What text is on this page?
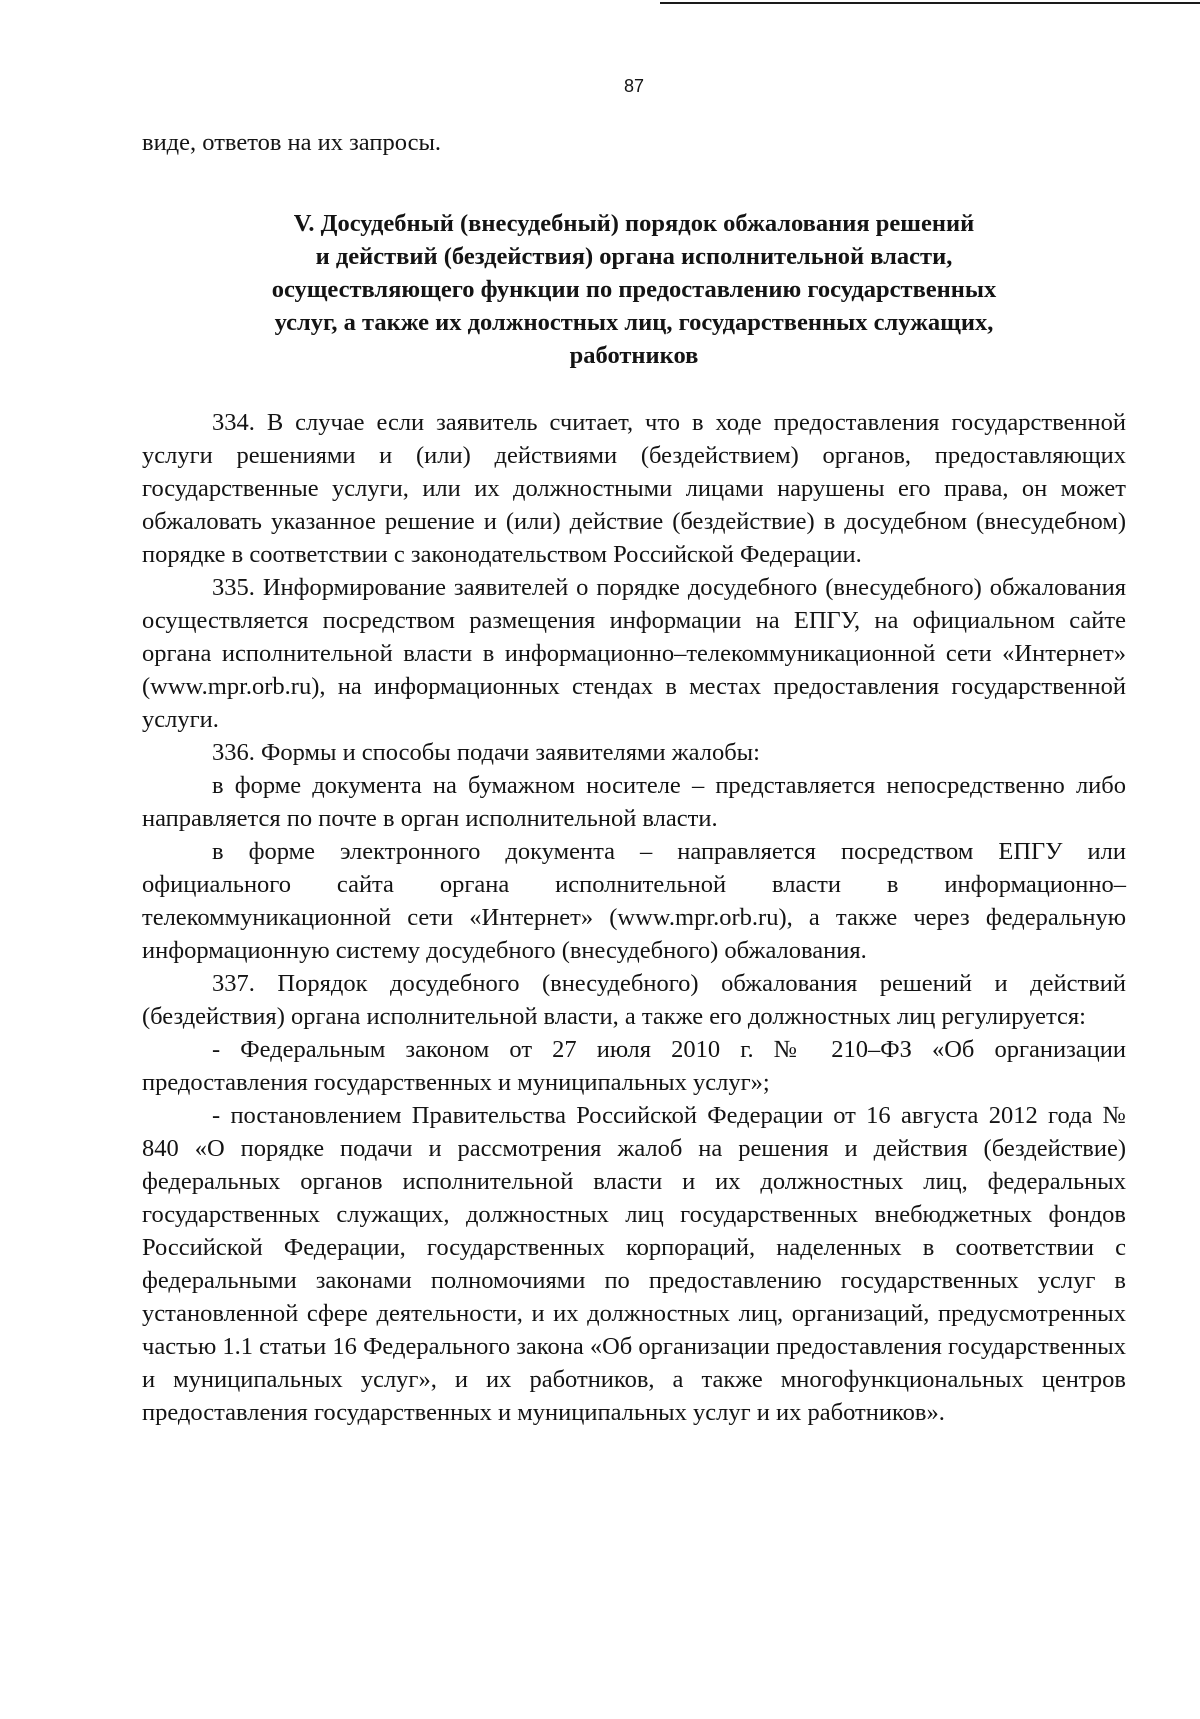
87

виде, ответов на их запросы.

V. Досудебный (внесудебный) порядок обжалования решений
и действий (бездействия) органа исполнительной власти,
осуществляющего функции по предоставлению государственных
услуг, а также их должностных лиц, государственных служащих,
работников

334. В случае если заявитель считает, что в ходе предоставления государственной услуги решениями и (или) действиями (бездействием) органов, предоставляющих государственные услуги, или их должностными лицами нарушены его права, он может обжаловать указанное решение и (или) действие (бездействие) в досудебном (внесудебном) порядке в соответствии с законодательством Российской Федерации.

335. Информирование заявителей о порядке досудебного (внесудебного) обжалования осуществляется посредством размещения информации на ЕПГУ, на официальном сайте органа исполнительной власти в информационно–телекоммуникационной сети «Интернет» (www.mpr.orb.ru), на информационных стендах в местах предоставления государственной услуги.

336. Формы и способы подачи заявителями жалобы:

в форме документа на бумажном носителе – представляется непосредственно либо направляется по почте в орган исполнительной власти.

в форме электронного документа – направляется посредством ЕПГУ или официального сайта органа исполнительной власти в информационно–телекоммуникационной сети «Интернет» (www.mpr.orb.ru), а также через федеральную информационную систему досудебного (внесудебного) обжалования.

337. Порядок досудебного (внесудебного) обжалования решений и действий (бездействия) органа исполнительной власти, а также его должностных лиц регулируется:

- Федеральным законом от 27 июля 2010 г. № 210–ФЗ «Об организации предоставления государственных и муниципальных услуг»;

- постановлением Правительства Российской Федерации от 16 августа 2012 года № 840 «О порядке подачи и рассмотрения жалоб на решения и действия (бездействие) федеральных органов исполнительной власти и их должностных лиц, федеральных государственных служащих, должностных лиц государственных внебюджетных фондов Российской Федерации, государственных корпораций, наделенных в соответствии с федеральными законами полномочиями по предоставлению государственных услуг в установленной сфере деятельности, и их должностных лиц, организаций, предусмотренных частью 1.1 статьи 16 Федерального закона «Об организации предоставления государственных и муниципальных услуг», и их работников, а также многофункциональных центров предоставления государственных и муниципальных услуг и их работников».
